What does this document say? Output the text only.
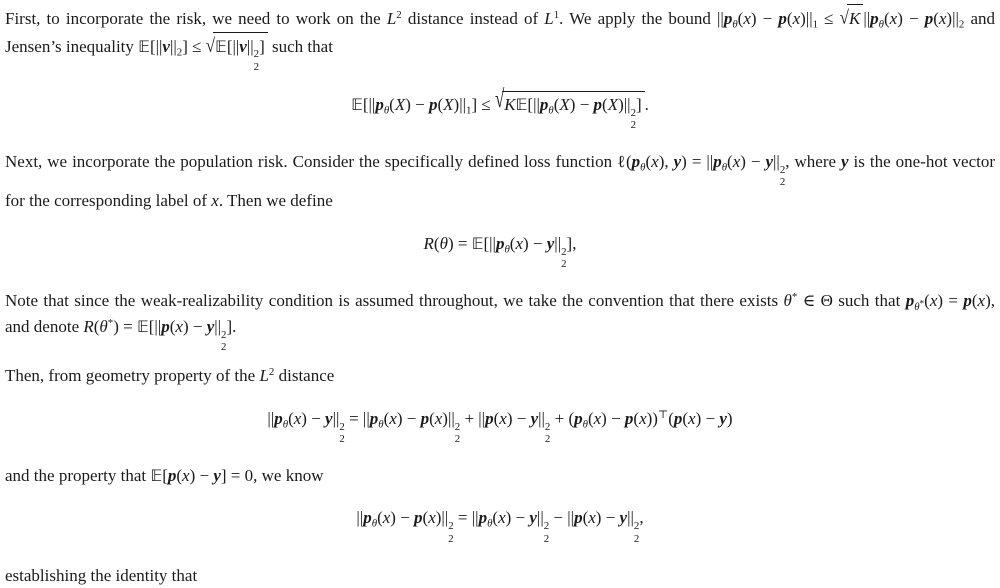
First, to incorporate the risk, we need to work on the $L^2$ distance instead of $L^1$. We apply the bound $||p_\theta(x) - p(x)||_1 \le √K$ $||p_\theta(x) - p(x)||_2$ and Jensen’s inequality $𝔼[||v||_2]$ ≤ √𝔼[||v|| 2
2
] such that

$𝔼[||p_\theta(X) - p(X)||_1]$ ≤ $√K𝔼[||p_\theta(X) - p(X)||$ 2
2
] .

Next, we incorporate the population risk. Consider the specifically defined loss function $\ell(p_\theta(x)$, $y) = ||p_\theta(x) - y||$ 2
2
, where y is the one-hot vector for the corresponding label of x. Then we define

$R(\theta) = 𝔼[||p_\theta(x) - y||$ 2
2
],

Note that since the weak-realizability condition is assumed throughout, we take the convention that there exists θ* ∈ Θ such that $p_{\theta^*}(x) = p(x)$, and denote R(θ*) = 𝔼[||p(x) − y|| 2
2
].

Then, from geometry property of the $L^2$ distance

$||p_\theta(x) - y||$ 2
2
= $||p_\theta(x) - p(x)||$ 2
2
+ ||p(x) − y|| 2
2
+ $(p_\theta(x) - p(x))^⊤(p(x) - y)$

and the property that 𝔼[p(x) − y] = 0, we know

$||p_\theta(x) - p(x)||$ 2
2
= $||p_\theta(x) - y||$ 2
2
− ||p(x) − y|| 2
2
,

establishing the identity that
